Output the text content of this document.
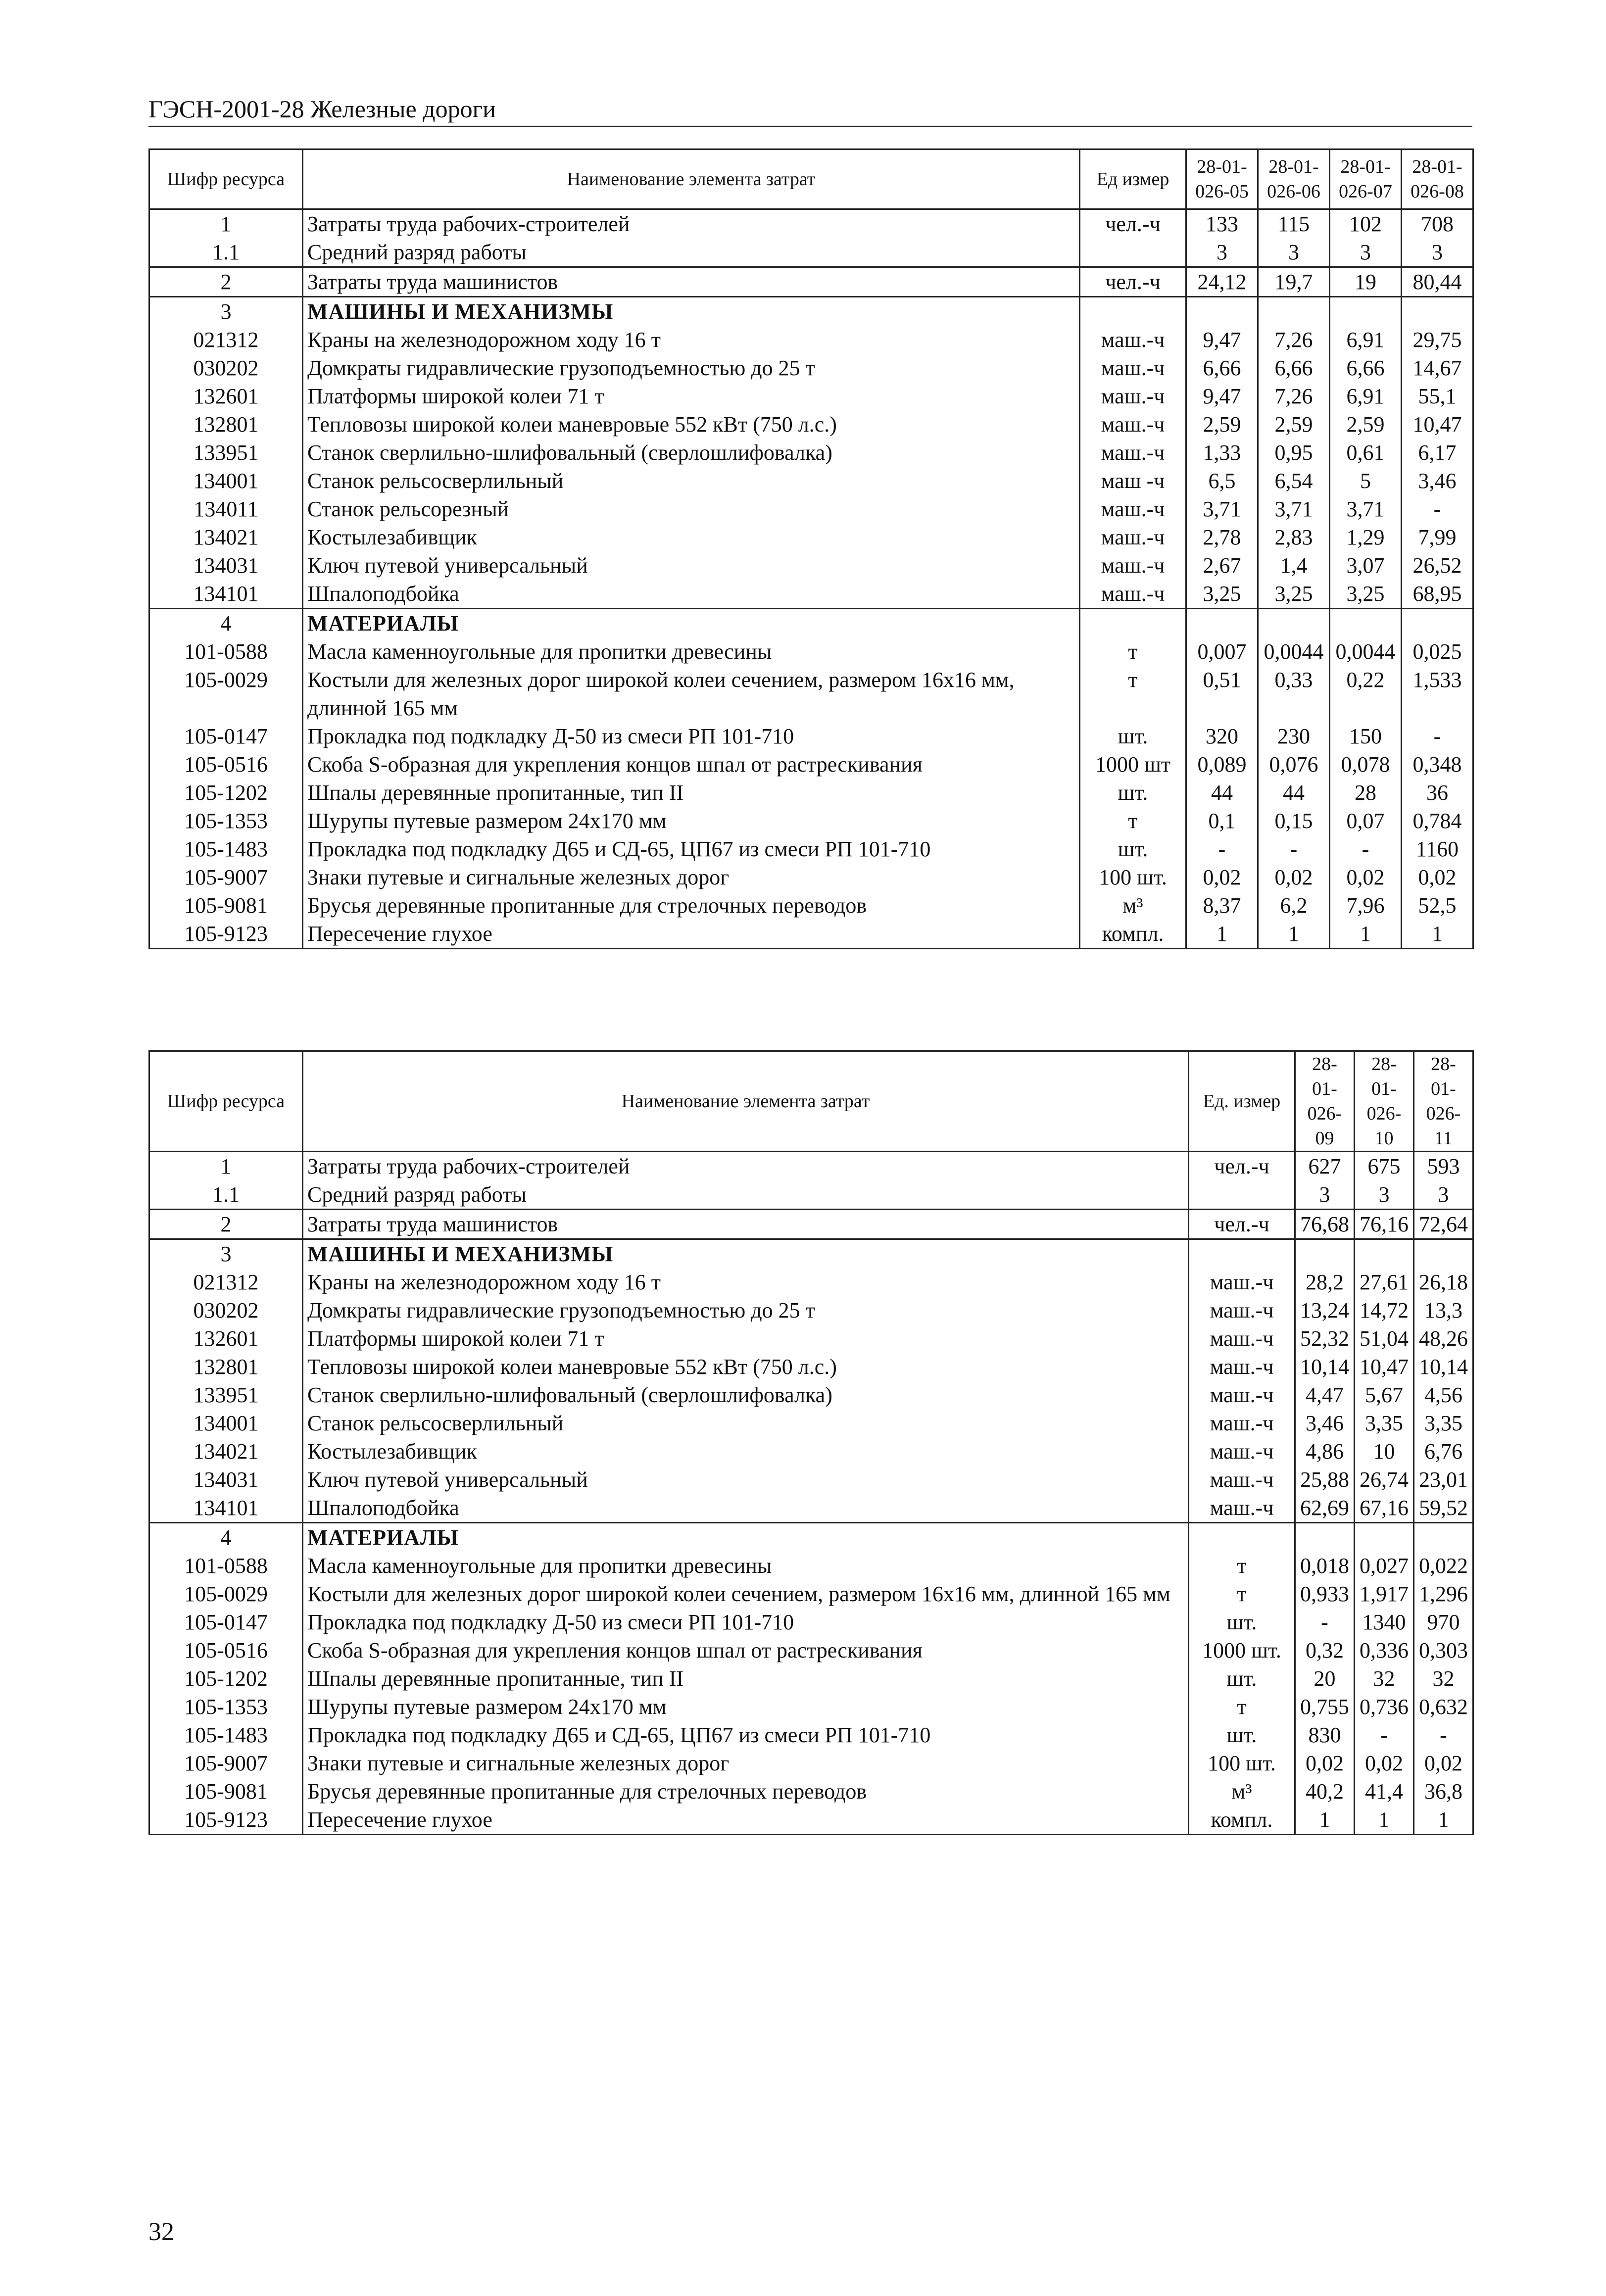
ГЭСН-2001-28 Железные дороги
Шифр ресурса	Наименование элемента затрат	Ед измер	28-01-026-05	28-01-026-06	28-01-026-07	28-01-026-08
1	Затраты труда рабочих-строителей	чел.-ч	133	115	102	708
1.1	Средний разряд работы		3	3	3	3
2	Затраты труда машинистов	чел.-ч	24,12	19,7	19	80,44
3	МАШИНЫ И МЕХАНИЗМЫ					
021312	Краны на железнодорожном ходу 16 т	маш.-ч	9,47	7,26	6,91	29,75
030202	Домкраты гидравлические грузоподъемностью до 25 т	маш.-ч	6,66	6,66	6,66	14,67
132601	Платформы широкой колеи 71 т	маш.-ч	9,47	7,26	6,91	55,1
132801	Тепловозы широкой колеи маневровые 552 кВт (750 л.с.)	маш.-ч	2,59	2,59	2,59	10,47
133951	Станок сверлильно-шлифовальный (сверлошлифовалка)	маш.-ч	1,33	0,95	0,61	6,17
134001	Станок рельсосверлильный	маш -ч	6,5	6,54	5	3,46
134011	Станок рельсорезный	маш.-ч	3,71	3,71	3,71	-
134021	Костылезабивщик	маш.-ч	2,78	2,83	1,29	7,99
134031	Ключ путевой универсальный	маш.-ч	2,67	1,4	3,07	26,52
134101	Шпалоподбойка	маш.-ч	3,25	3,25	3,25	68,95
4	МАТЕРИАЛЫ					
101-0588	Масла каменноугольные для пропитки древесины	т	0,007	0,0044	0,0044	0,025
105-0029	Костыли для железных дорог широкой колеи сечением, размером 16х16 мм, длинной 165 мм	т	0,51	0,33	0,22	1,533
105-0147	Прокладка под подкладку Д-50 из смеси РП 101-710	шт.	320	230	150	-
105-0516	Скоба S-образная для укрепления концов шпал от растрескивания	1000 шт	0,089	0,076	0,078	0,348
105-1202	Шпалы деревянные пропитанные, тип II	шт.	44	44	28	36
105-1353	Шурупы путевые размером 24х170 мм	т	0,1	0,15	0,07	0,784
105-1483	Прокладка под подкладку Д65 и СД-65, ЦП67 из смеси РП 101-710	шт.	-	-	-	1160
105-9007	Знаки путевые и сигнальные железных дорог	100 шт.	0,02	0,02	0,02	0,02
105-9081	Брусья деревянные пропитанные для стрелочных переводов	м³	8,37	6,2	7,96	52,5
105-9123	Пересечение глухое	компл.	1	1	1	1
Шифр ресурса	Наименование элемента затрат	Ед. измер	28-01-026-09	28-01-026-10	28-01-026-11
1	Затраты труда рабочих-строителей	чел.-ч	627	675	593
1.1	Средний разряд работы		3	3	3
2	Затраты труда машинистов	чел.-ч	76,68	76,16	72,64
3	МАШИНЫ И МЕХАНИЗМЫ				
021312	Краны на железнодорожном ходу 16 т	маш.-ч	28,2	27,61	26,18
030202	Домкраты гидравлические грузоподъемностью до 25 т	маш.-ч	13,24	14,72	13,3
132601	Платформы широкой колеи 71 т	маш.-ч	52,32	51,04	48,26
132801	Тепловозы широкой колеи маневровые 552 кВт (750 л.с.)	маш.-ч	10,14	10,47	10,14
133951	Станок сверлильно-шлифовальный (сверлошлифовалка)	маш.-ч	4,47	5,67	4,56
134001	Станок рельсосверлильный	маш.-ч	3,46	3,35	3,35
134021	Костылезабивщик	маш.-ч	4,86	10	6,76
134031	Ключ путевой универсальный	маш.-ч	25,88	26,74	23,01
134101	Шпалоподбойка	маш.-ч	62,69	67,16	59,52
4	МАТЕРИАЛЫ				
101-0588	Масла каменноугольные для пропитки древесины	т	0,018	0,027	0,022
105-0029	Костыли для железных дорог широкой колеи сечением, размером 16х16 мм, длинной 165 мм	т	0,933	1,917	1,296
105-0147	Прокладка под подкладку Д-50 из смеси РП 101-710	шт.	-	1340	970
105-0516	Скоба S-образная для укрепления концов шпал от растрескивания	1000 шт.	0,32	0,336	0,303
105-1202	Шпалы деревянные пропитанные, тип II	шт.	20	32	32
105-1353	Шурупы путевые размером 24х170 мм	т	0,755	0,736	0,632
105-1483	Прокладка под подкладку Д65 и СД-65, ЦП67 из смеси РП 101-710	шт.	830	-	-
105-9007	Знаки путевые и сигнальные железных дорог	100 шт.	0,02	0,02	0,02
105-9081	Брусья деревянные пропитанные для стрелочных переводов	м³	40,2	41,4	36,8
105-9123	Пересечение глухое	компл.	1	1	1
32
